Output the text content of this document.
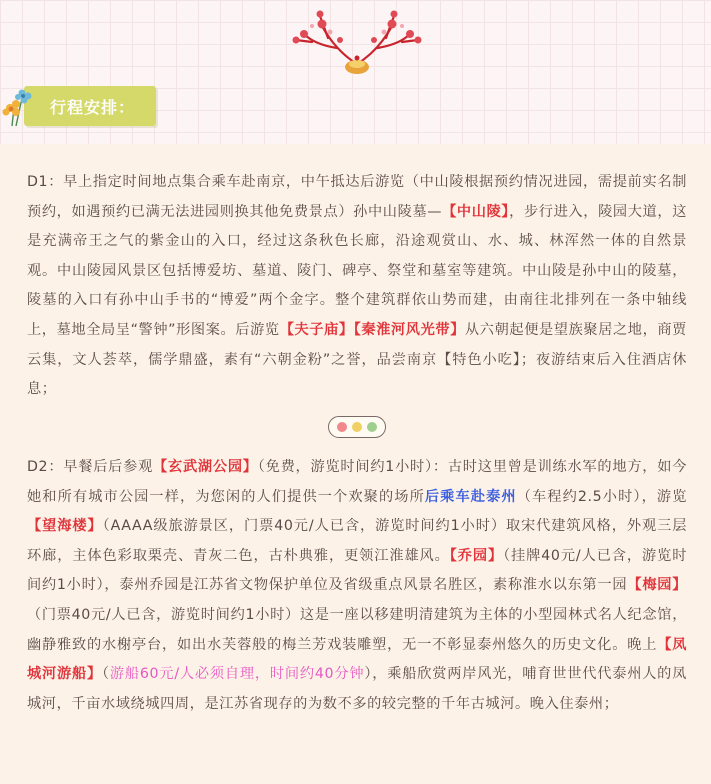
行程安排：
D1：早上指定时间地点集合乘车赴南京，中午抵达后游览（中山陵根据预约情况进园，需提前实名制预约，如遇预约已满无法进园则换其他免费景点）孙中山陵墓—【中山陵】，步行进入，陵园大道，这是充满帝王之气的紫金山的入口，经过这条秋色长廊，沿途观赏山、水、城、林浑然一体的自然景观。中山陵园风景区包括博爱坊、墓道、陵门、碑亭、祭堂和墓室等建筑。中山陵是孙中山的陵墓，陵墓的入口有孙中山手书的“博爱”两个金字。整个建筑群依山势而建，由南往北排列在一条中轴线上，墓地全局呈“警钟”形图案。后游览【夫子庙】【秦淮河风光带】从六朝起便是望族聚居之地，商贾云集，文人荟萃，儒学鼎盛，素有“六朝金粉”之誉，品尝南京【特色小吃】；夜游结束后入住酒店休息；
D2：早餐后后参观【玄武湖公园】（免费，游览时间约1小时）：古时这里曾是训练水军的地方，如今她和所有城市公园一样，为您闲的人们提供一个欢聚的场所后乘车赴泰州（车程约2.5小时），游览【望海楼】（AAAA级旅游景区，门票40元/人已含，游览时间约1小时）取宋代建筑风格，外观三层环廊，主体色彩取栗壳、青灰二色，古朴典雅，更领江淮雄风。【乔园】（挂牌40元/人已含，游览时间约1小时），泰州乔园是江苏省文物保护单位及省级重点风景名胜区，素称淮水以东第一园【梅园】（门票40元/人已含，游览时间约1小时）这是一座以移建明清建筑为主体的小型园林式名人纪念馆，幽静雅致的水榭亭台，如出水芙蓉般的梅兰芳戏装雕塑，无一不彰显泰州悠久的历史文化。晚上【凤城河游船】（游船60元/人必须自理，时间约40分钟），乘船欣赏两岸风光，哺育世世代代泰州人的凤城河，千亩水域绕城四周，是江苏省现存的为数不多的较完整的千年古城河。晚入住泰州；
